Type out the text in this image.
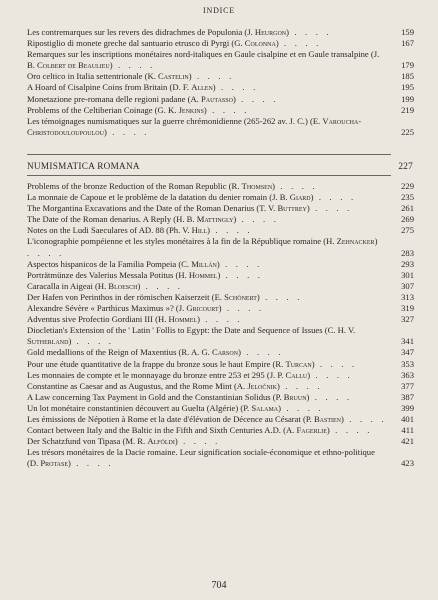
INDICE
Les contremarques sur les revers des didrachmes de Populonia (J. Heurgon) . . . .	159
Ripostiglio di monete greche dal santuario etrusco di Pyrgi (G. Colonna) . . . .	167
Remarques sur les inscriptions monétaires nord-italiques en Gaule cisalpine et en Gaule transalpine (J. B. Colbert de Beaulieu) . . . .	179
Oro celtico in Italia settentrionale (K. Castelin) . . . .	185
A Hoard of Cisalpine Coins from Britain (D. F. Allen) . . . .	195
Monetazione pre-romana delle regioni padane (A. Pautasso) . . . .	199
Problems of the Celtiberian Coinage (G. K. Jenkins) . . . .	219
Les témoignages numismatiques sur la guerre chrémonidienne (265-262 av. J. C.) (E. Varoucha-Christodouloupoulou) . . . .	225
NUMISMATICA ROMANA	227
Problems of the bronze Reduction of the Roman Republic (R. Thomsen) . . . .	229
La monnaie de Capoue et le problème de la datation du denier romain (J. B. Giard) . . . .	235
The Morgantina Excavations and the Date of the Roman Denarius (T. V. Buttrey) . . . .	261
The Date of the Roman denarius. A Reply (H. B. Mattingly) . . . .	269
Notes on the Ludi Saeculares of AD. 88 (Ph. V. Hill) . . . .	275
L'iconographie pompéienne et les styles monétaires à la fin de la République romaine (H. Zehnacker) . . . .	283
Aspectos hispanicos de la Familia Pompeia (C. Millán) . . . .	293
Porträtmünze des Valerius Messala Potitus (H. Hommel) . . . .	301
Caracalla in Aigeai (H. Bloesch) . . . .	307
Der Hafen von Perinthos in der römischen Kaiserzeit (E. Schönert) . . . .	313
Alexandre Sévère « Parthicus Maximus »? (J. Gricourt) . . . .	319
Adventus sive Profectio Gordiani III (H. Hommel) . . . .	327
Diocletian's Extension of the ' Latin ' Follis to Egypt: the Date and Sequence of Issues (C. H. V. Sutherland) . . . .	341
Gold medallions of the Reign of Maxentius (R. A. G. Carson) . . . .	347
Pour une étude quantitative de la frappe du bronze sous le haut Empire (R. Turcan) . . . .	353
Les monnaies de compte et le monnayage du bronze entre 253 et 295 (J. P. Callu) . . . .	363
Constantine as Caesar and as Augustus, and the Rome Mint (A. Jeločnik) . . . .	377
A Law concerning Tax Payment in Gold and the Constantinian Solidus (P. Bruun) . . . .	387
Un lot monétaire constantinien découvert au Guelta (Algérie) (P. Salama) . . . .	399
Les émissions de Népotien à Rome et la date d'élévation de Décence au Césarat (P. Bastien) . . . .	401
Contact between Italy and the Baltic in the Fifth and Sixth Centuries A.D. (A. Fagerlie) . . . .	411
Der Schatzfund von Tipasa (M. R. Alföldi) . . . .	421
Les trésors monétaires de la Dacie romaine. Leur signification sociale-économique et ethno-politique (D. Protase) . . . .	423
704
